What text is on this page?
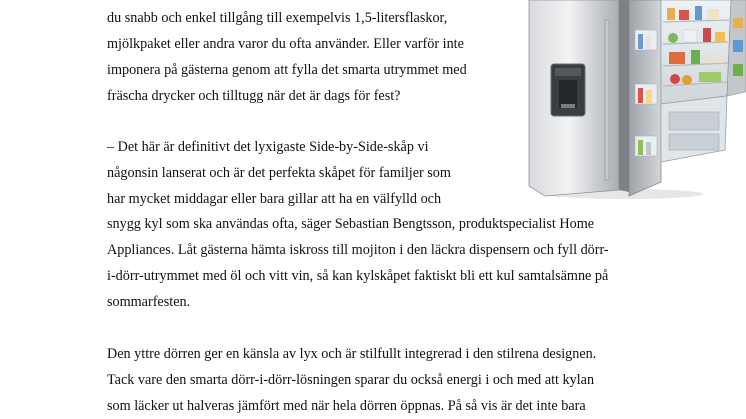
du snabb och enkel tillgång till exempelvis 1,5-litersflaskor,
mjölkpaket eller andra varor du ofta använder. Eller varför inte
imponera på gästerna genom att fylla det smarta utrymmet med
fräscha drycker och tilltugg när det är dags för fest?
– Det här är definitivt det lyxigaste Side-by-Side-skåp vi
någonsin lanserat och är det perfekta skåpet för familjer som
har mycket middagar eller bara gillar att ha en välfylld och
snygg kyl som ska användas ofta, säger Sebastian Bengtsson, produktspecialist Home
Appliances. Låt gästerna hämta iskross till mojiton i den läckra dispensern och fyll dörr-
i-dörr-utrymmet med öl och vitt vin, så kan kylskåpet faktiskt bli ett kul samtalsämne på
sommarfesten.
Den yttre dörren ger en känsla av lyx och är stilfullt integrerad i den stilrena designen.
Tack vare den smarta dörr-i-dörr-lösningen sparar du också energi i och med att kylan
som läcker ut halveras jämfört med när hela dörren öppnas. På så vis är det inte bara
